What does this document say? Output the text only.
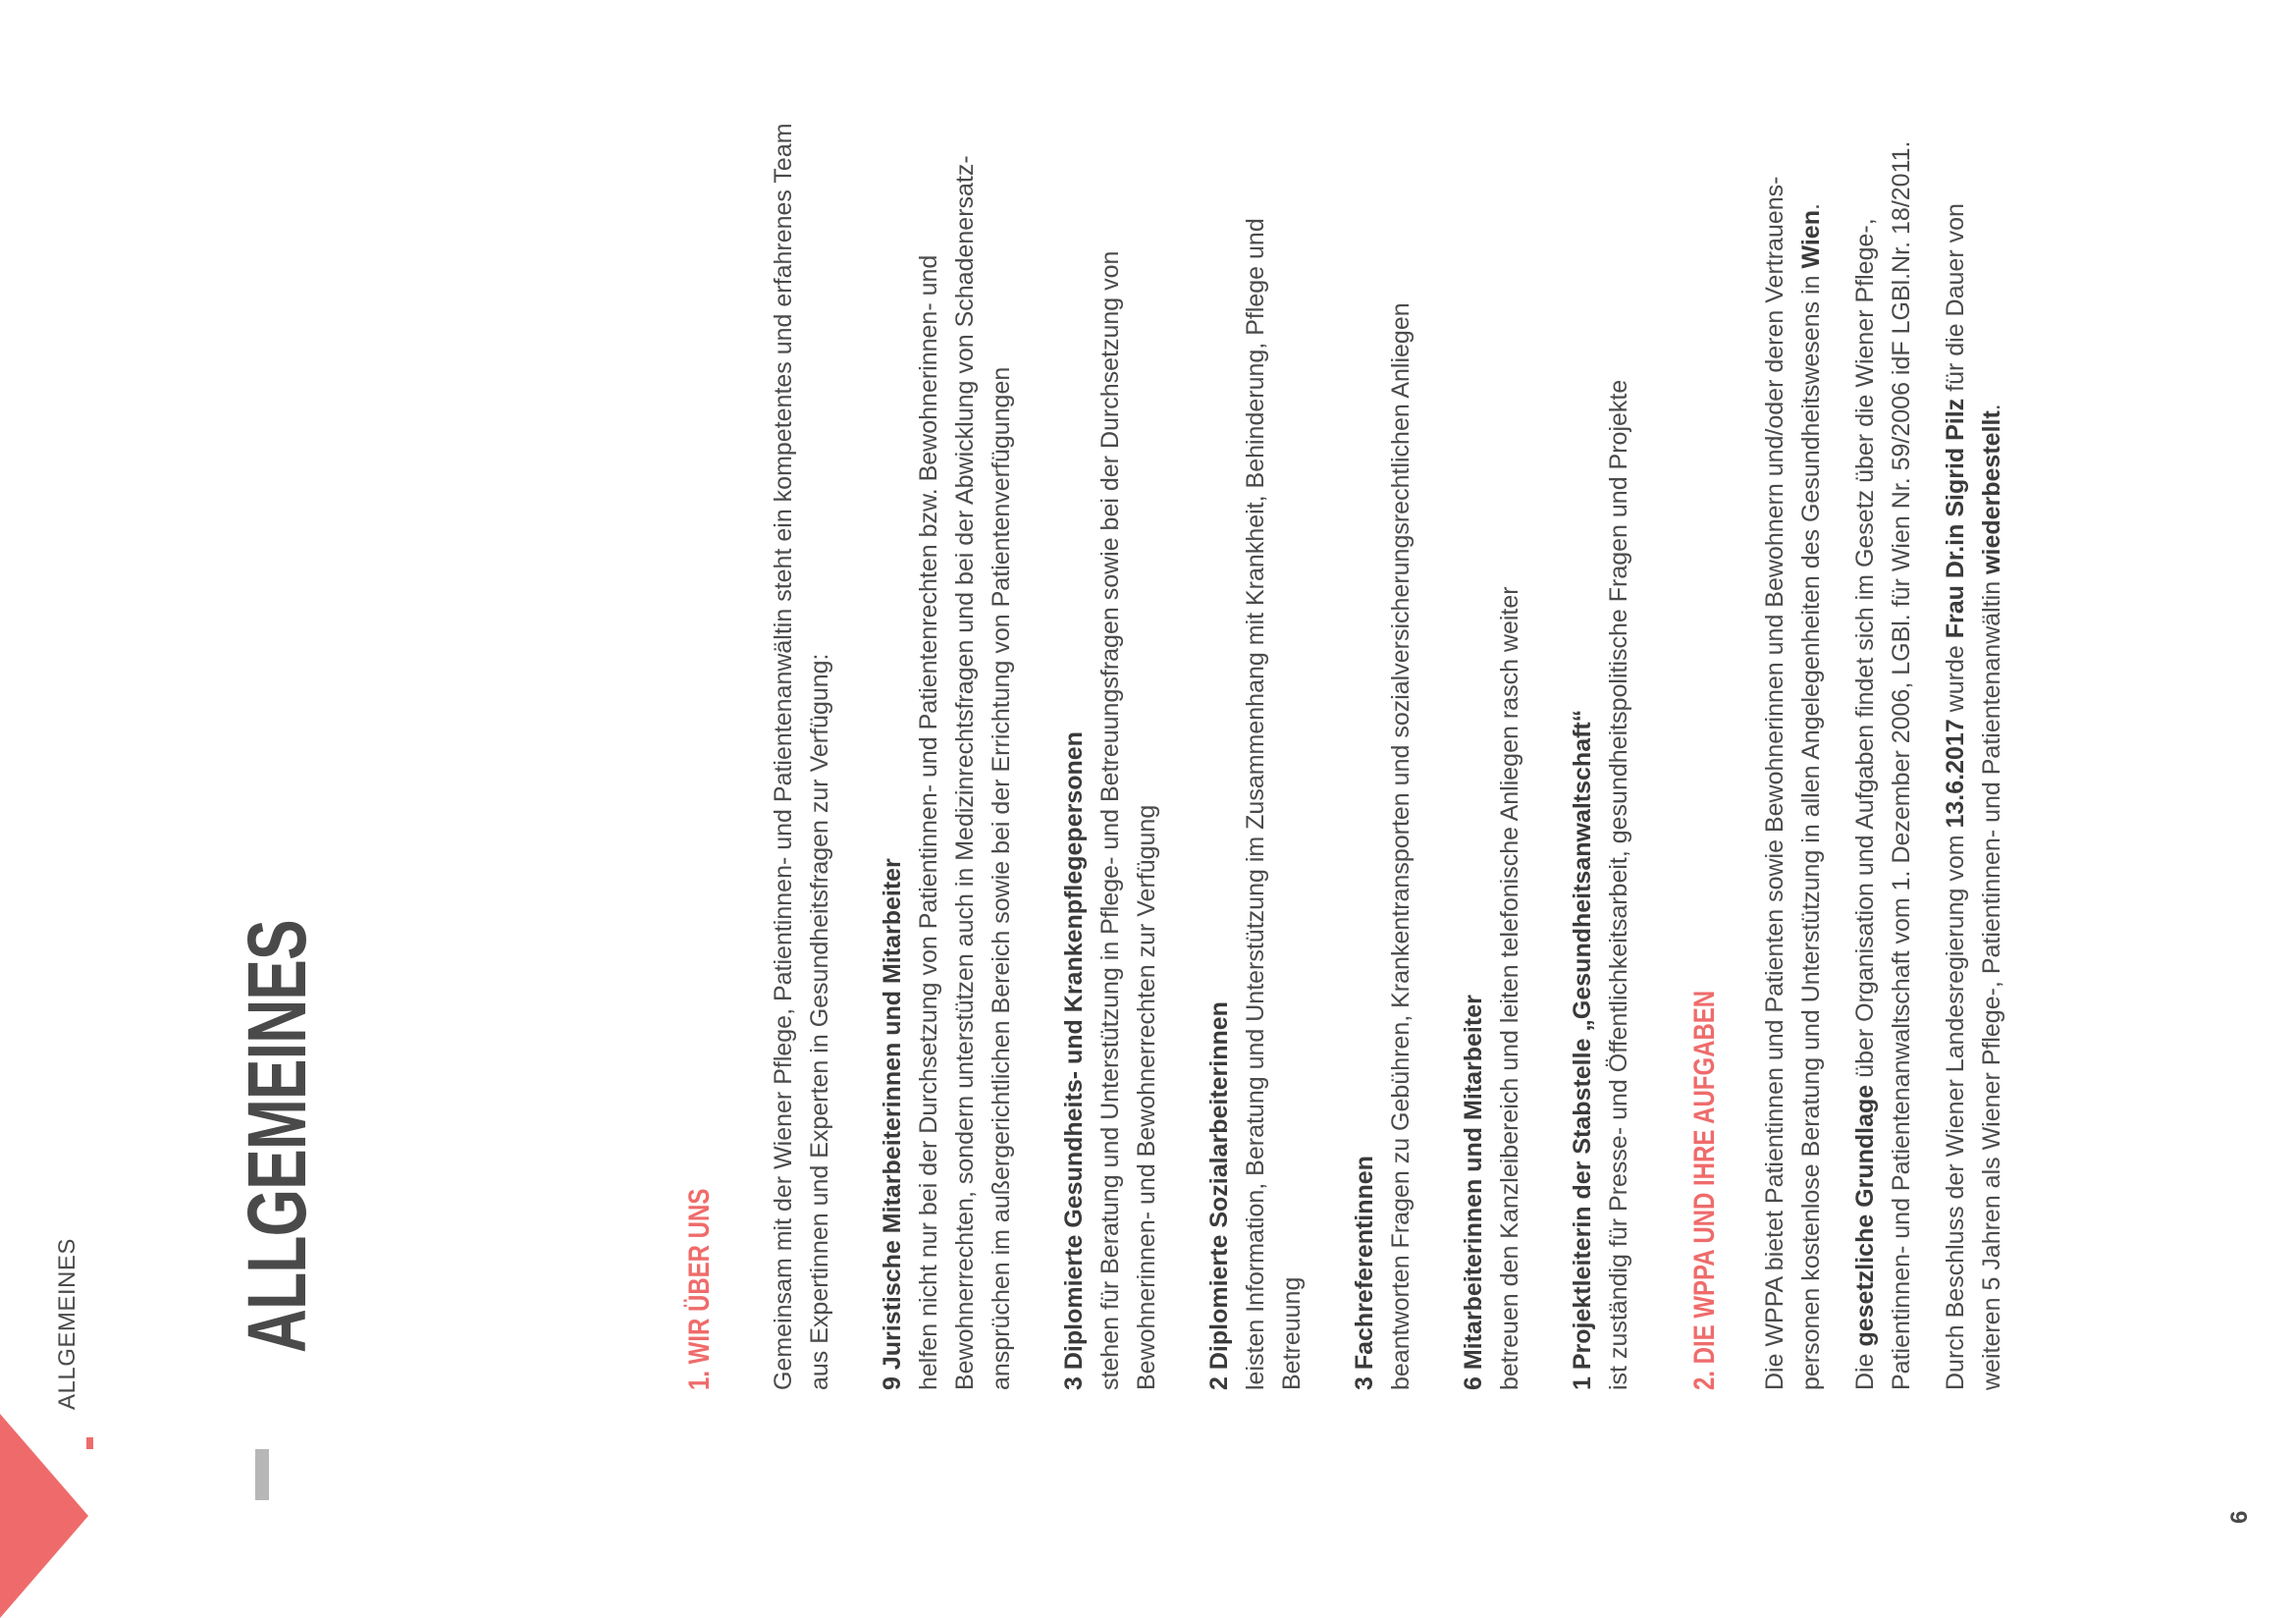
ALLGEMEINES ALLGEMEINES	1. WIR ÜBER UNS Gemeinsam mit der Wiener Pflege, Patientinnen- und Patientenanwältin steht ein kompetentes und erfahrenes Team aus Expertinnen und Experten in Gesundheitsfragen zur Verfügung: 9 Juristische Mitarbeiterinnen und Mitarbeiter helfen nicht nur bei der Durchsetzung von Patientinnen- und Patientenrechten bzw. Bewohnerinnen- und Bewohnerrechten, sondern unterstützen auch in Medizinrechtsfragen und bei der Abwicklung von Schadenersatzansprüchen im außergerichtlichen Bereich sowie bei der Errichtung von Patientenverfügungen 3 Diplomierte Gesundheits- und Krankenpflegepersonen stehen für Beratung und Unterstützung in Pflege- und Betreuungsfragen sowie bei der Durchsetzung von Bewohnerinnen- und Bewohnerrechten zur Verfügung 2 Diplomierte Sozialarbeiterinnen leisten Information, Beratung und Unterstützung im Zusammenhang mit Krankheit, Behinderung, Pflege und Betreuung 3 Fachreferentinnen beantworten Fragen zu Gebühren, Krankentransporten und sozialversicherungsrechtlichen Anliegen 6 Mitarbeiterinnen und Mitarbeiter betreuen den Kanzleibereich und leiten telefonische Anliegen rasch weiter 1 Projektleiterin der Stabstelle „Gesundheitsanwaltschaft“ ist zuständig für Presse- und Öffentlichkeitsarbeit, gesundheitspolitische Fragen und Projekte 2. DIE WPPA UND IHRE AUFGABEN Die WPPA bietet Patientinnen und Patienten sowie Bewohnerinnen und Bewohnern und/oder deren Vertrauenspersonen kostenlose Beratung und Unterstützung in allen Angelegenheiten des Gesundheitswesens in Wien.

Die gesetzliche Grundlage über Organisation und Aufgaben findet sich im Gesetz über die Wiener Pflege-, Patientinnen- und Patientenanwaltschaft vom 1. Dezember 2006, LGBl. für Wien Nr. 59/2006 idF LGBl.Nr. 18/2011. Durch Beschluss der Wiener Landesregierung vom 13.6.2017 wurde Frau Dr.in Sigrid Pilz für die Dauer von weiteren 5 Jahren als Wiener Pflege-, Patientinnen- und Patientenanwältin wiederbestellt.

6
